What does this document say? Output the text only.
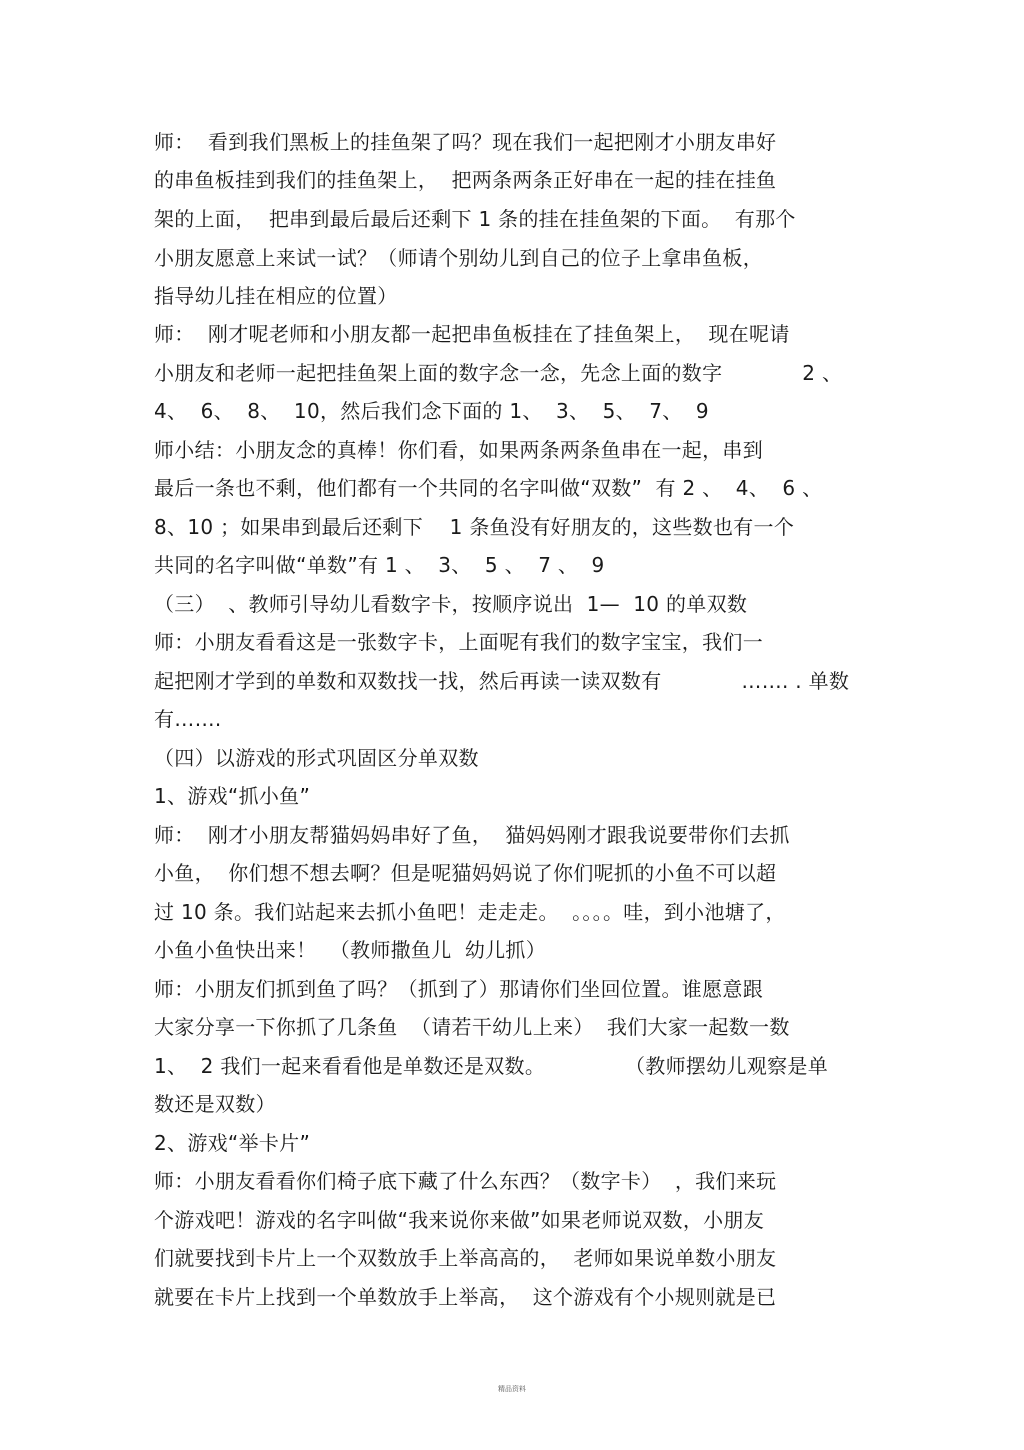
师：  看到我们黑板上的挂鱼架了吗？现在我们一起把刚才小朋友串好
的串鱼板挂到我们的挂鱼架上，  把两条两条正好串在一起的挂在挂鱼
架的上面，  把串到最后最后还剩下 1 条的挂在挂鱼架的下面。  有那个
小朋友愿意上来试一试？（师请个别幼儿到自己的位子上拿串鱼板，
指导幼儿挂在相应的位置）
师：  刚才呢老师和小朋友都一起把串鱼板挂在了挂鱼架上，  现在呢请
小朋友和老师一起把挂鱼架上面的数字念一念，先念上面的数字            2 、
4、  6、  8、  10，然后我们念下面的 1、  3、  5、  7、  9
师小结：小朋友念的真棒！你们看，如果两条两条鱼串在一起，串到
最后一条也不剩，他们都有一个共同的名字叫做“双数”  有 2 、  4、  6 、
8、10 ；如果串到最后还剩下    1 条鱼没有好朋友的，这些数也有一个
共同的名字叫做“单数”有 1 、  3、  5 、  7 、  9
（三）  、教师引导幼儿看数字卡，按顺序说出  1—  10 的单双数
师：小朋友看看这是一张数字卡，上面呢有我们的数字宝宝，我们一
起把刚才学到的单数和双数找一找，然后再读一读双数有            ……. . 单数
有…….
（四）以游戏的形式巩固区分单双数
1、游戏“抓小鱼”
师：  刚才小朋友帮猫妈妈串好了鱼，  猫妈妈刚才跟我说要带你们去抓
小鱼，  你们想不想去啊？但是呢猫妈妈说了你们呢抓的小鱼不可以超
过 10 条。我们站起来去抓小鱼吧！走走走。  。。。。哇，到小池塘了，
小鱼小鱼快出来！  （教师撒鱼儿  幼儿抓）
师：小朋友们抓到鱼了吗？（抓到了）那请你们坐回位置。谁愿意跟
大家分享一下你抓了几条鱼  （请若干幼儿上来）  我们大家一起数一数
1、  2 我们一起来看看他是单数还是双数。            （教师摆幼儿观察是单
数还是双数）
2、游戏“举卡片”
师：小朋友看看你们椅子底下藏了什么东西？（数字卡）  ，我们来玩
个游戏吧！游戏的名字叫做“我来说你来做”如果老师说双数，小朋友
们就要找到卡片上一个双数放手上举高高的，  老师如果说单数小朋友
就要在卡片上找到一个单数放手上举高，  这个游戏有个小规则就是已
精品资料
